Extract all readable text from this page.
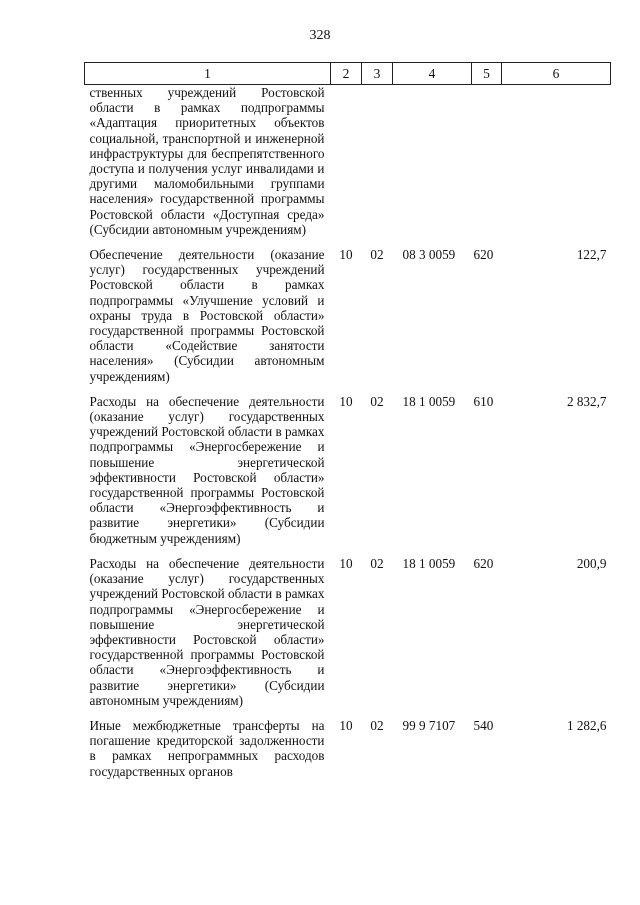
328
1	2	3	4	5	6
ственных учреждений Ростовской области в рамках подпрограммы «Адаптация приоритетных объектов социальной, транспортной и инженерной инфраструктуры для беспрепятственного доступа и получения услуг инвалидами и другими маломобильными группами населения» государственной программы Ростовской области «Доступная среда» (Субсидии автономным учреждениям)					
Обеспечение деятельности (оказание услуг) государственных учреждений Ростовской области в рамках подпрограммы «Улучшение условий и охраны труда в Ростовской области» государственной программы Ростовской области «Содействие занятости населения» (Субсидии автономным учреждениям)	10	02	08 3 0059	620	122,7
Расходы на обеспечение деятельности (оказание услуг) государственных учреждений Ростовской области в рамках подпрограммы «Энергосбережение и повышение энергетической эффективности Ростовской области» государственной программы Ростовской области «Энергоэффективность и развитие энергетики» (Субсидии бюджетным учреждениям)	10	02	18 1 0059	610	2 832,7
Расходы на обеспечение деятельности (оказание услуг) государственных учреждений Ростовской области в рамках подпрограммы «Энергосбережение и повышение энергетической эффективности Ростовской области» государственной программы Ростовской области «Энергоэффективность и развитие энергетики» (Субсидии автономным учреждениям)	10	02	18 1 0059	620	200,9
Иные межбюджетные трансферты на погашение кредиторской задолженности в рамках непрограммных расходов государственных органов	10	02	99 9 7107	540	1 282,6
